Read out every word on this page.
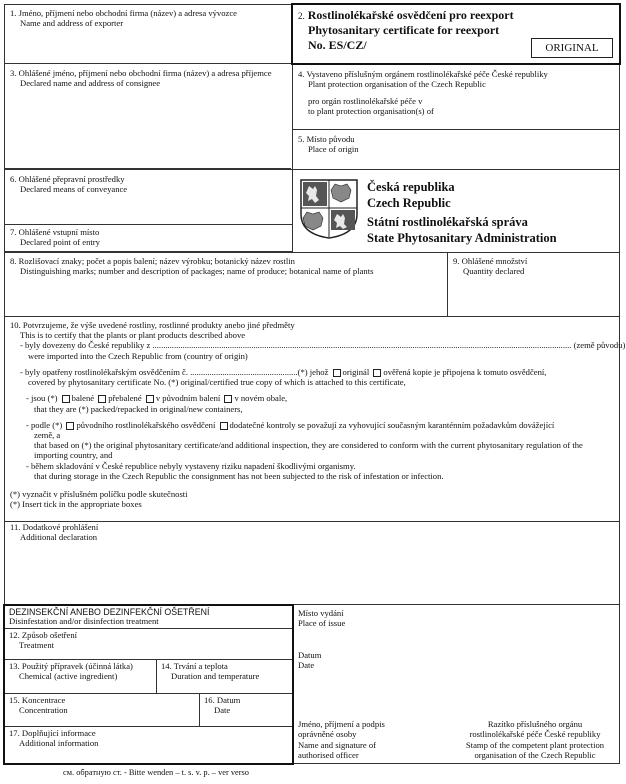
1. Jméno, příjmení nebo obchodní firma (název) a adresa vývozce
Name and address of exporter
2. Rostlinolékařské osvědčení pro reexport
Phytosanitary certificate for reexport
No. ES/CZ/	ORIGINAL
3. Ohlášené jméno, příjmení nebo obchodní firma (název) a adresa příjemce
Declared name and address of consignee
4. Vystaveno příslušným orgánem rostlinolékařské péče České republiky
Plant protection organisation of the Czech Republic
pro orgán rostlinolékařské péče v
to plant protection organisation(s) of
5. Místo původu
Place of origin
6. Ohlášené přepravní prostředky
Declared means of conveyance
7. Ohlášené vstupní místo
Declared point of entry
Česká republika
Czech Republic
Státní rostlinolékařská správa
State Phytosanitary Administration
8. Rozlišovací znaky; počet a popis balení; název výrobku; botanický název rostlin
Distinguishing marks; number and description of packages; name of produce; botanical name of plants
9. Ohlášené množství
Quantity declared
10. Potvrzujeme, že výše uvedené rostliny, rostlinné produkty anebo jiné předměty
This is to certify that the plants or plant products described above
- byly dovezeny do České republiky z ................................................................................................................................................................................................... (země původu)
were imported into the Czech Republic from (country of origin)
- byly opatřeny rostlinolékařským osvědčením č. ..................................................(*) jehož originál ověřená kopie je připojena k tomuto osvědčení,
covered by phytosanitary certificate No. (*) original/certified true copy of which is attached to this certificate,
- jsou (*) balené přebalené v původním balení v novém obale,
that they are (*) packed/repacked in original/new containers,
- podle (*) původního rostlinolékařského osvědčení dodatečné kontroly se považují za vyhovující současným karanténním požadavkům dovážející
země, a
that based on (*) the original phytosanitary certificate/and additional inspection, they are considered to conform with the current phytosanitary regulation of the
importing country, and
- během skladování v České republice nebyly vystaveny riziku napadení škodlivými organismy.
that during storage in the Czech Republic the consignment has not been subjected to the risk of infestation or infection.
(*) vyznačit v příslušném políčku podle skutečnosti
(*) Insert tick in the appropriate boxes
11. Dodatkové prohlášení
Additional declaration
DEZINSEKČNÍ ANEBO DEZINFEKČNÍ OŠETŘENÍ
Disinfestation and/or disinfection treatment
12. Způsob ošetření
Treatment
13. Použitý přípravek (účinná látka)
Chemical (active ingredient)
14. Trvání a teplota
Duration and temperature
15. Koncentrace
Concentration
16. Datum
Date
17. Doplňující informace
Additional information
Místo vydání
Place of issue
Datum
Date
Jméno, příjmení a podpis
oprávněné osoby
Name and signature of
authorised officer
Razítko příslušného orgánu
rostlinolékařské péče České republiky
Stamp of the competent plant protection
organisation of the Czech Republic
см. обратную ст. - Bitte wenden – t. s. v. p. – ver verso
